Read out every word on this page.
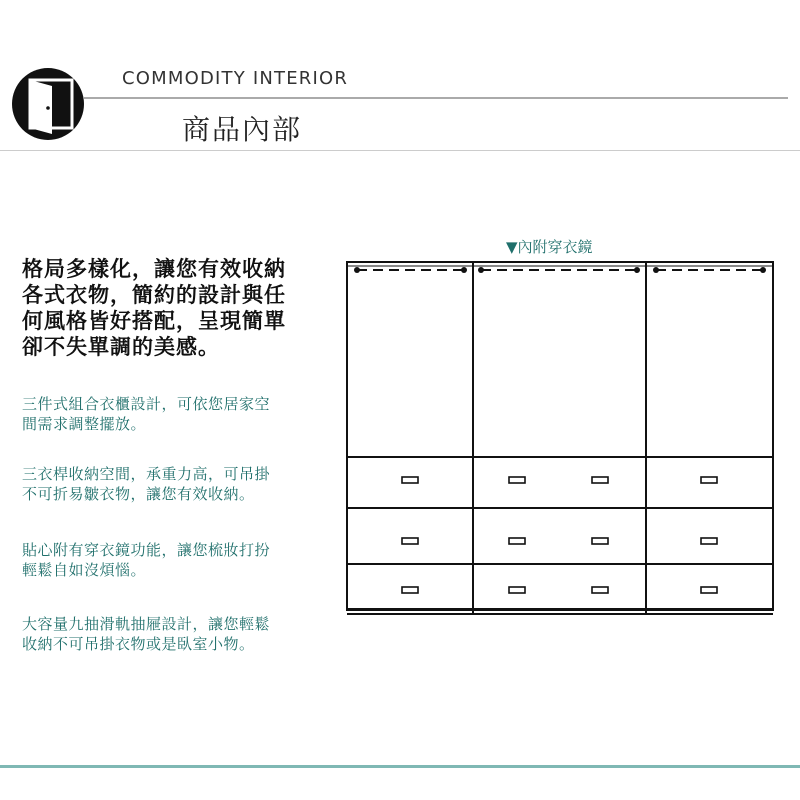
COMMODITY INTERIOR
商品內部

格局多樣化，讓您有效收納
各式衣物，簡約的設計與任
何風格皆好搭配，呈現簡單
卻不失單調的美感。

三件式組合衣櫃設計，可依您居家空
間需求調整擺放。

三衣桿收納空間，承重力高，可吊掛
不可折易皺衣物，讓您有效收納。

貼心附有穿衣鏡功能，讓您梳妝打扮
輕鬆自如沒煩惱。

大容量九抽滑軌抽屜設計，讓您輕鬆
收納不可吊掛衣物或是臥室小物。

▼內附穿衣鏡
